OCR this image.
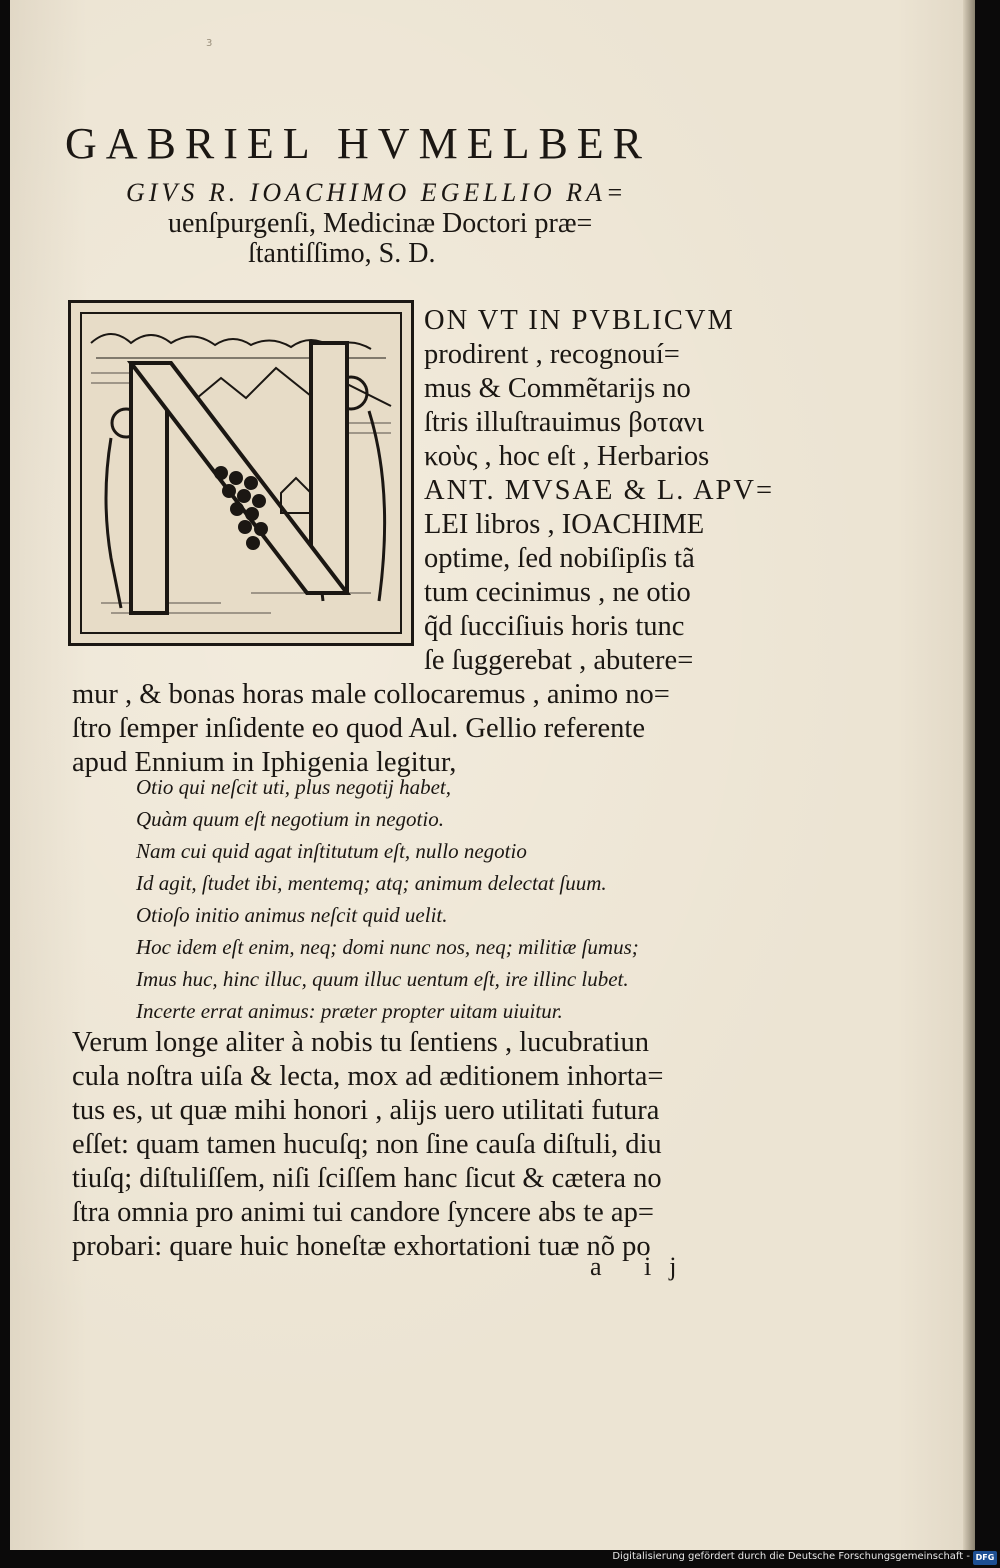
3
GABRIEL HVMELBER
GIVS R. IOACHIMO EGELLIO RA=
uenſpurgenſi, Medicinæ Doctori præ=
ſtantiſſimo, S. D.
ON VT IN PVBLICVM
prodirent , recognouí=
mus & Commẽtarijs no
ſtris illuſtrauimus βοτανι
κοὺς , hoc eſt , Herbarios
ANT. MVSAE & L. APV=
LEI libros , IOACHIME
optime, ſed nobiſipſis tã
tum cecinimus , ne otio
q̃d ſucciſiuis horis tunc
ſe ſuggerebat , abutere=
mur , & bonas horas male collocaremus , animo no=
ſtro ſemper inſidente eo quod Aul. Gellio referente
apud Ennium in Iphigenia legitur,
Otio qui neſcit uti, plus negotij habet,
Quàm quum eſt negotium in negotio.
Nam cui quid agat inſtitutum eſt, nullo negotio
Id agit, ſtudet ibi, mentemq; atq; animum delectat ſuum.
Otioſo initio animus neſcit quid uelit.
Hoc idem eſt enim, neq; domi nunc nos, neq; militiæ ſumus;
Imus huc, hinc illuc, quum illuc uentum eſt, ire illinc lubet.
Incerte errat animus: præter propter uitam uiuitur.
Verum longe aliter à nobis tu ſentiens , lucubratiun
cula noſtra uiſa & lecta, mox ad æditionem inhorta=
tus es, ut quæ mihi honori , alijs uero utilitati futura
eſſet: quam tamen hucuſq; non ſine cauſa diſtuli, diu
tiuſq; diſtuliſſem, niſi ſciſſem hanc ſicut & cætera no
ſtra omnia pro animi tui candore ſyncere abs te ap=
probari: quare huic honeſtæ exhortationi tuæ nõ po
a ij
Digitalisierung gefördert durch die Deutsche Forschungsgemeinschaft - DFG
